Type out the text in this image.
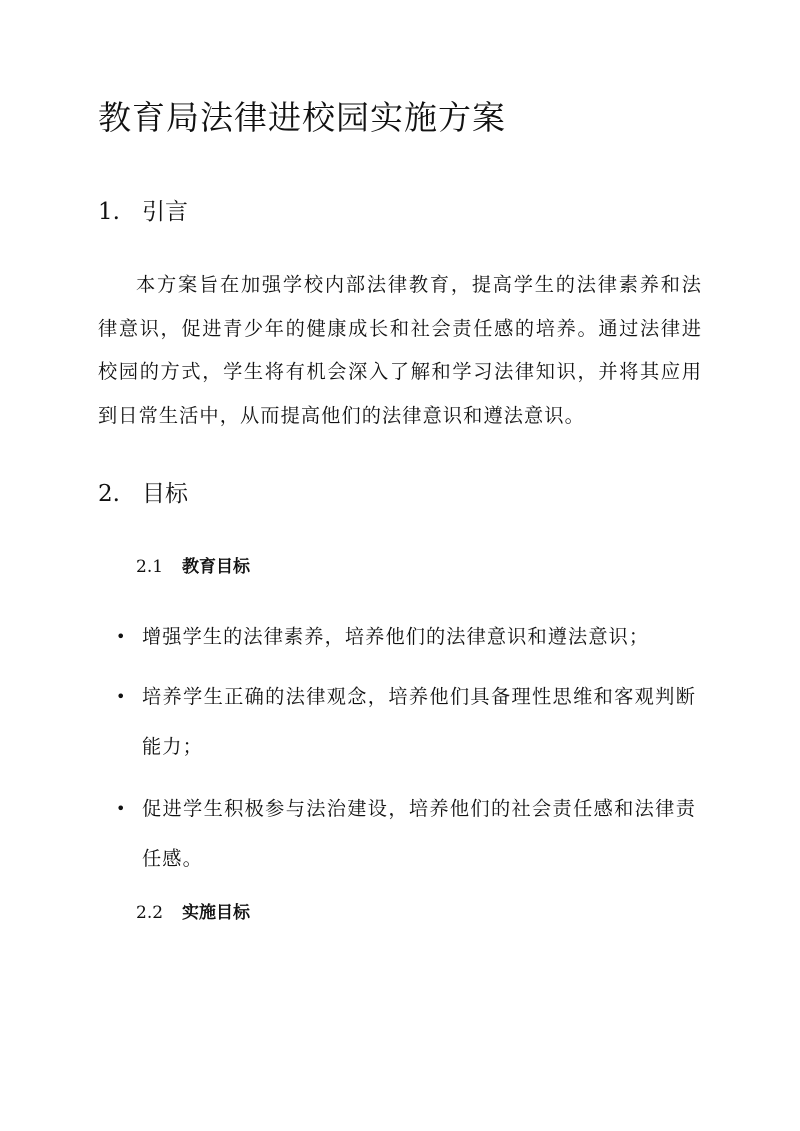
教育局法律进校园实施方案
1. 引言

本方案旨在加强学校内部法律教育，提高学生的法律素养和法律意识，促进青少年的健康成长和社会责任感的培养。通过法律进校园的方式，学生将有机会深入了解和学习法律知识，并将其应用到日常生活中，从而提高他们的法律意识和遵法意识。

2. 目标
2.1 教育目标
• 增强学生的法律素养，培养他们的法律意识和遵法意识；
• 培养学生正确的法律观念，培养他们具备理性思维和客观判断能力；
• 促进学生积极参与法治建设，培养他们的社会责任感和法律责任感。
2.2 实施目标
